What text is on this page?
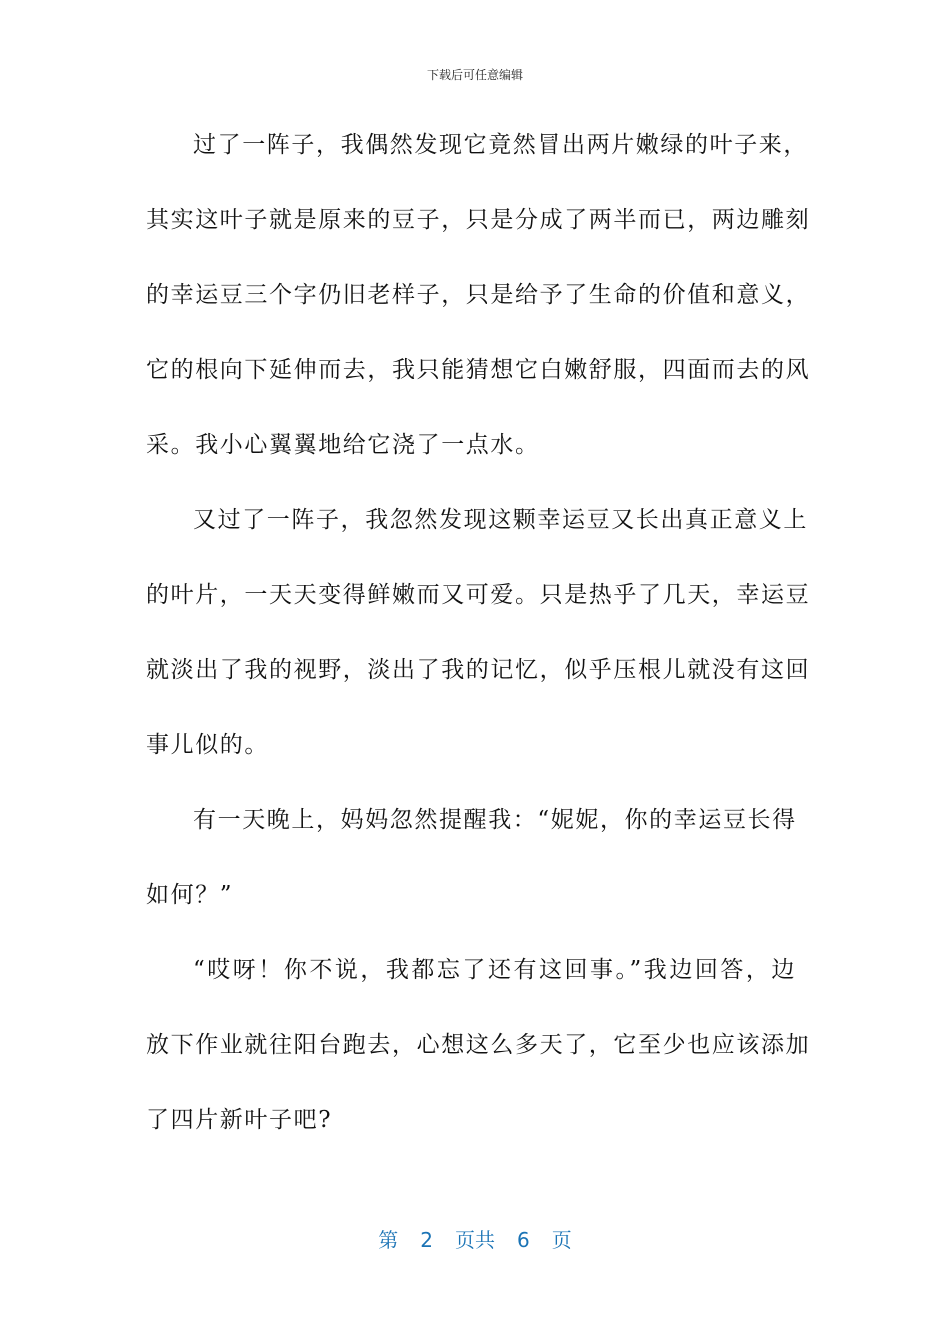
下载后可任意编辑
过了一阵子，我偶然发现它竟然冒出两片嫩绿的叶子来，
其实这叶子就是原来的豆子，只是分成了两半而已，两边雕刻
的幸运豆三个字仍旧老样子，只是给予了生命的价值和意义，
它的根向下延伸而去，我只能猜想它白嫩舒服，四面而去的风
采。我小心翼翼地给它浇了一点水。
又过了一阵子，我忽然发现这颗幸运豆又长出真正意义上
的叶片，一天天变得鲜嫩而又可爱。只是热乎了几天，幸运豆
就淡出了我的视野，淡出了我的记忆，似乎压根儿就没有这回
事儿似的。
有一天晚上，妈妈忽然提醒我：“妮妮，你的幸运豆长得
如何？”
“哎呀！你不说，我都忘了还有这回事。”我边回答，边
放下作业就往阳台跑去，心想这么多天了，它至少也应该添加
了四片新叶子吧?
第 2 页共 6 页
